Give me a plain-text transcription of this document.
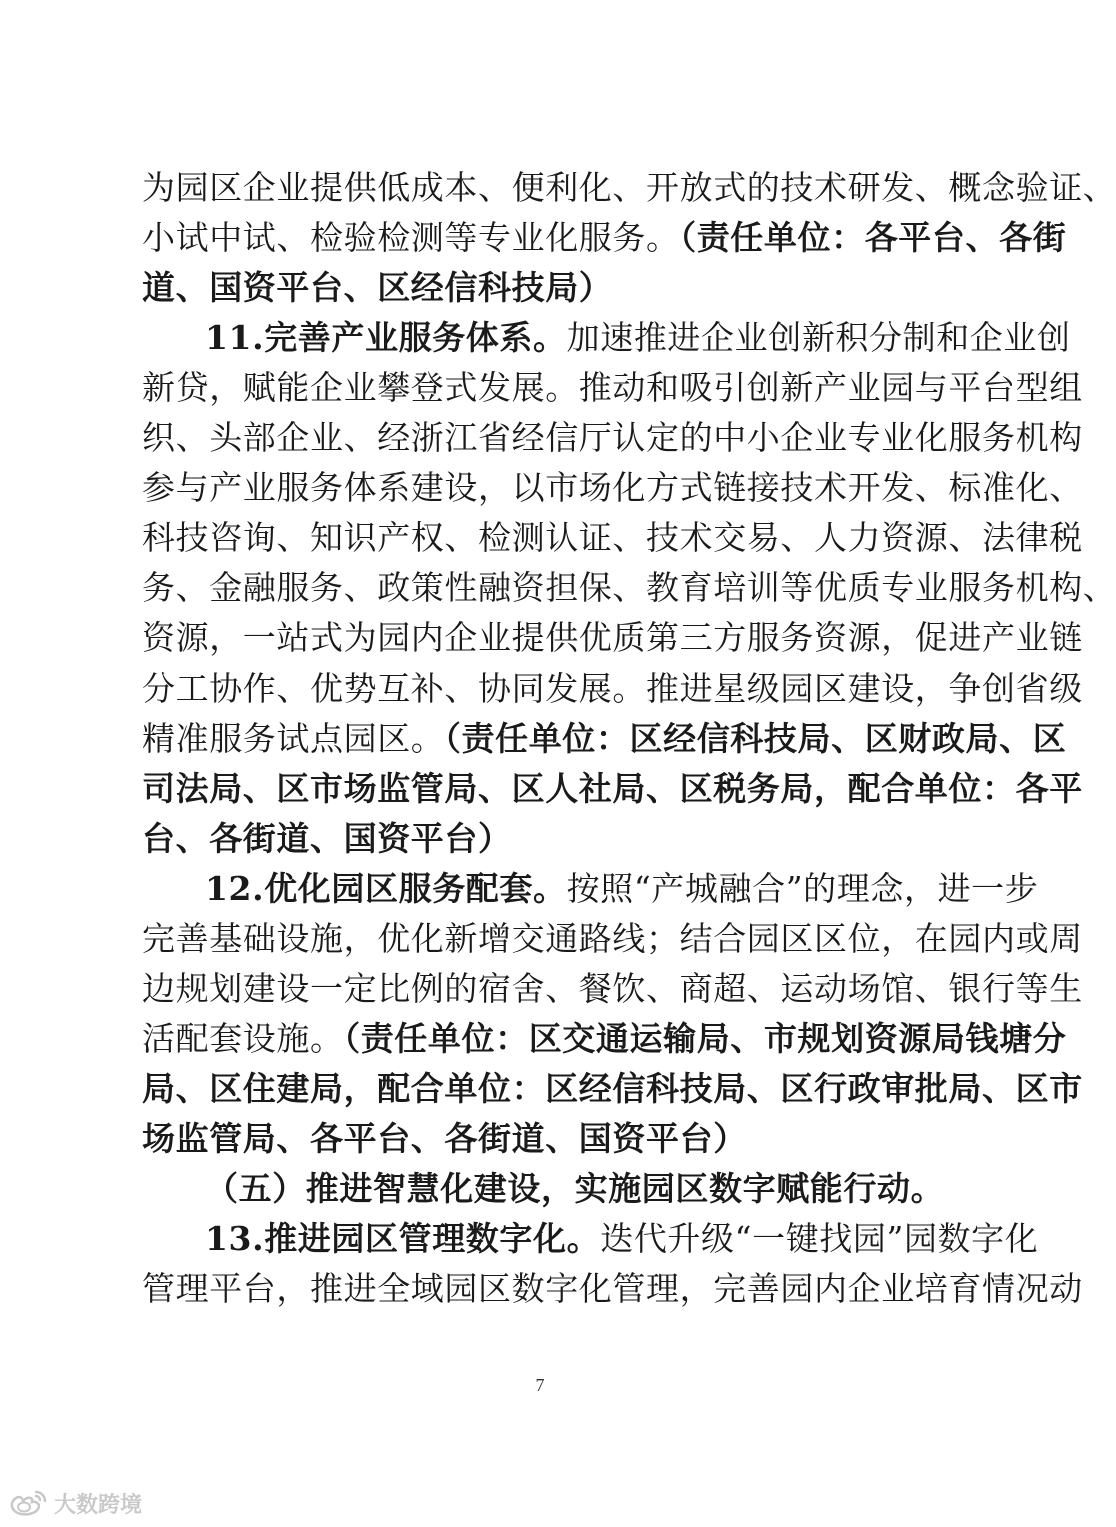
为园区企业提供低成本、便利化、开放式的技术研发、概念验证、
小试中试、检验检测等专业化服务。（责任单位：各平台、各街
道、国资平台、区经信科技局）
11.完善产业服务体系。加速推进企业创新积分制和企业创
新贷，赋能企业攀登式发展。推动和吸引创新产业园与平台型组
织、头部企业、经浙江省经信厅认定的中小企业专业化服务机构
参与产业服务体系建设，以市场化方式链接技术开发、标准化、
科技咨询、知识产权、检测认证、技术交易、人力资源、法律税
务、金融服务、政策性融资担保、教育培训等优质专业服务机构、
资源，一站式为园内企业提供优质第三方服务资源，促进产业链
分工协作、优势互补、协同发展。推进星级园区建设，争创省级
精准服务试点园区。（责任单位：区经信科技局、区财政局、区
司法局、区市场监管局、区人社局、区税务局，配合单位：各平
台、各街道、国资平台）
12.优化园区服务配套。按照“产城融合”的理念，进一步
完善基础设施，优化新增交通路线；结合园区区位，在园内或周
边规划建设一定比例的宿舍、餐饮、商超、运动场馆、银行等生
活配套设施。（责任单位：区交通运输局、市规划资源局钱塘分
局、区住建局，配合单位：区经信科技局、区行政审批局、区市
场监管局、各平台、各街道、国资平台）
（五）推进智慧化建设，实施园区数字赋能行动。
13.推进园区管理数字化。迭代升级“一键找园”园数字化
管理平台，推进全域园区数字化管理，完善园内企业培育情况动
7
大数跨境
